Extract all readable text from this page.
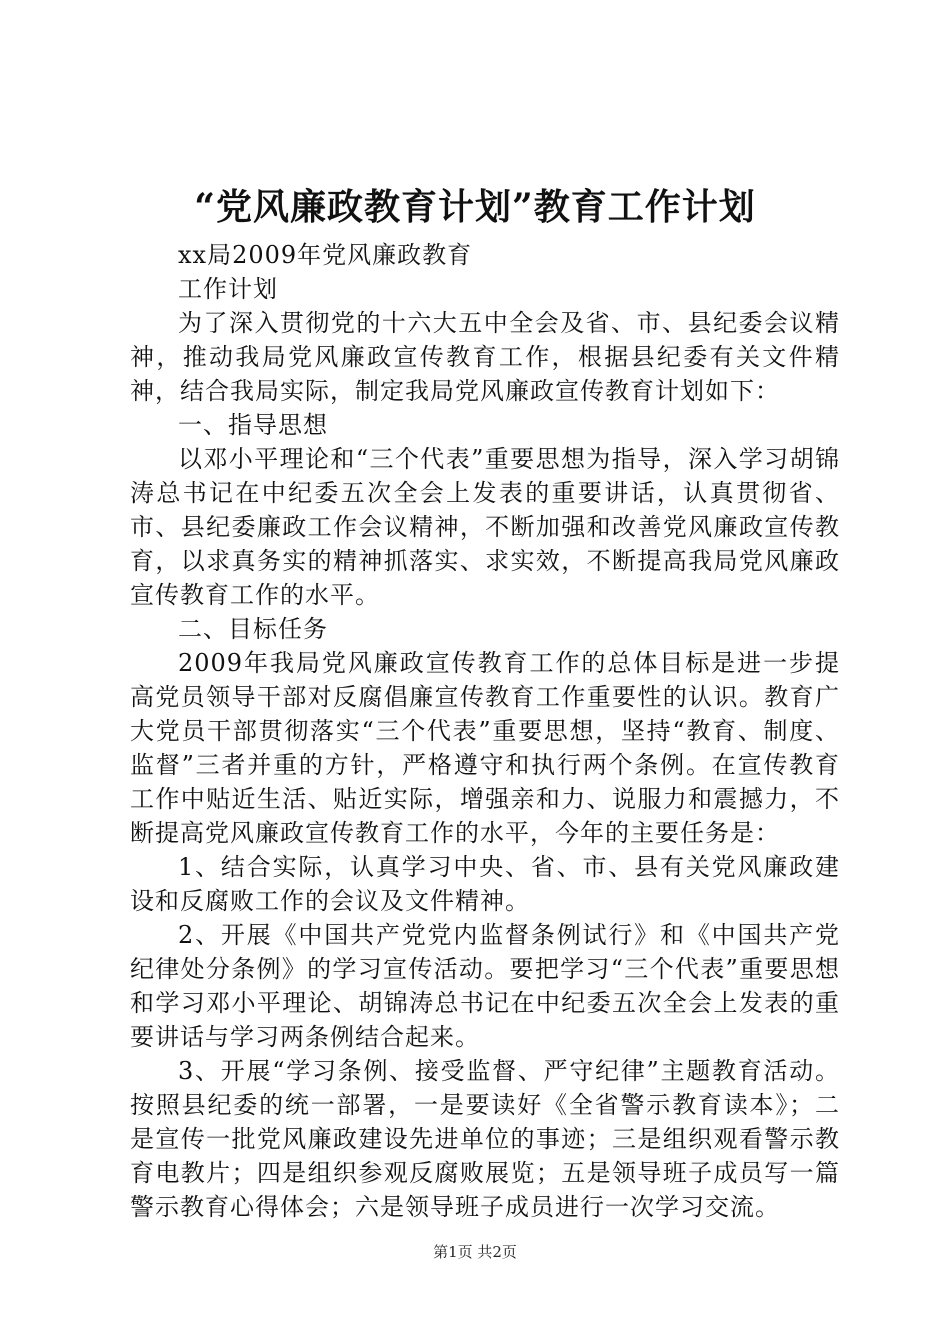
“党风廉政教育计划”教育工作计划

xx局2009年党风廉政教育

工作计划

为了深入贯彻党的十六大五中全会及省、市、县纪委会议精神，推动我局党风廉政宣传教育工作，根据县纪委有关文件精神，结合我局实际，制定我局党风廉政宣传教育计划如下：

一、指导思想

以邓小平理论和“三个代表”重要思想为指导，深入学习胡锦涛总书记在中纪委五次全会上发表的重要讲话，认真贯彻省、市、县纪委廉政工作会议精神，不断加强和改善党风廉政宣传教育，以求真务实的精神抓落实、求实效，不断提高我局党风廉政宣传教育工作的水平。

二、目标任务

2009年我局党风廉政宣传教育工作的总体目标是进一步提高党员领导干部对反腐倡廉宣传教育工作重要性的认识。教育广大党员干部贯彻落实“三个代表”重要思想，坚持“教育、制度、监督”三者并重的方针，严格遵守和执行两个条例。在宣传教育工作中贴近生活、贴近实际，增强亲和力、说服力和震撼力，不断提高党风廉政宣传教育工作的水平，今年的主要任务是：

1、结合实际，认真学习中央、省、市、县有关党风廉政建设和反腐败工作的会议及文件精神。

2、开展《中国共产党党内监督条例试行》和《中国共产党纪律处分条例》的学习宣传活动。要把学习“三个代表”重要思想和学习邓小平理论、胡锦涛总书记在中纪委五次全会上发表的重要讲话与学习两条例结合起来。

3、开展“学习条例、接受监督、严守纪律”主题教育活动。按照县纪委的统一部署，一是要读好《全省警示教育读本》；二是宣传一批党风廉政建设先进单位的事迹；三是组织观看警示教育电教片；四是组织参观反腐败展览；五是领导班子成员写一篇警示教育心得体会；六是领导班子成员进行一次学习交流。

第1页 共2页
